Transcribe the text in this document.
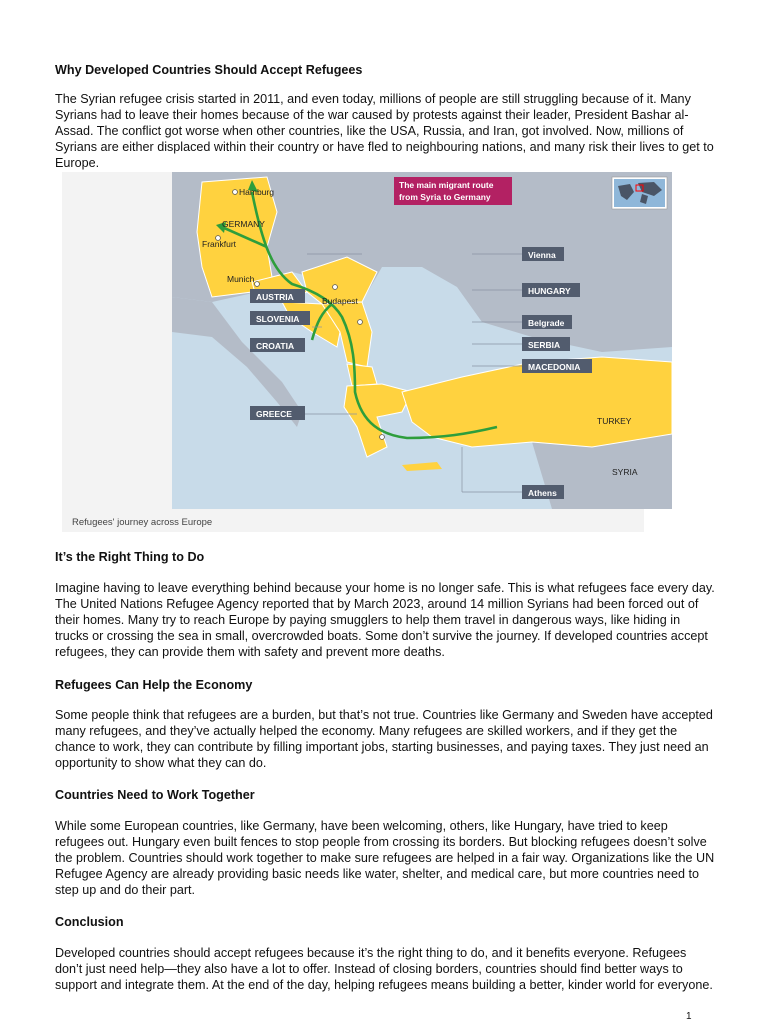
Why Developed Countries Should Accept Refugees

The Syrian refugee crisis started in 2011, and even today, millions of people are still struggling because of it. Many Syrians had to leave their homes because of the war caused by protests against their leader, President Bashar al-Assad. The conflict got worse when other countries, like the USA, Russia, and Iran, got involved. Now, millions of Syrians are either displaced within their country or have fled to neighbouring nations, and many risk their lives to get to Europe.

Hamburg
GERMANY
Frankfurt
Munich
Budapest
TURKEY
SYRIA
AUSTRIA
SLOVENIA
CROATIA
GREECE
Vienna
HUNGARY
Belgrade
SERBIA
MACEDONIA
Athens
The main migrant route
from Syria to Germany
Refugees' journey across Europe

It’s the Right Thing to Do

Imagine having to leave everything behind because your home is no longer safe. This is what refugees face every day. The United Nations Refugee Agency reported that by March 2023, around 14 million Syrians had been forced out of their homes. Many try to reach Europe by paying smugglers to help them travel in dangerous ways, like hiding in trucks or crossing the sea in small, overcrowded boats. Some don’t survive the journey. If developed countries accept refugees, they can provide them with safety and prevent more deaths.

Refugees Can Help the Economy

Some people think that refugees are a burden, but that’s not true. Countries like Germany and Sweden have accepted many refugees, and they’ve actually helped the economy. Many refugees are skilled workers, and if they get the chance to work, they can contribute by filling important jobs, starting businesses, and paying taxes. They just need an opportunity to show what they can do.

Countries Need to Work Together

While some European countries, like Germany, have been welcoming, others, like Hungary, have tried to keep refugees out. Hungary even built fences to stop people from crossing its borders. But blocking refugees doesn’t solve the problem. Countries should work together to make sure refugees are helped in a fair way. Organizations like the UN Refugee Agency are already providing basic needs like water, shelter, and medical care, but more countries need to step up and do their part.

Conclusion

Developed countries should accept refugees because it’s the right thing to do, and it benefits everyone. Refugees don’t just need help—they also have a lot to offer. Instead of closing borders, countries should find better ways to support and integrate them. At the end of the day, helping refugees means building a better, kinder world for everyone.

1
